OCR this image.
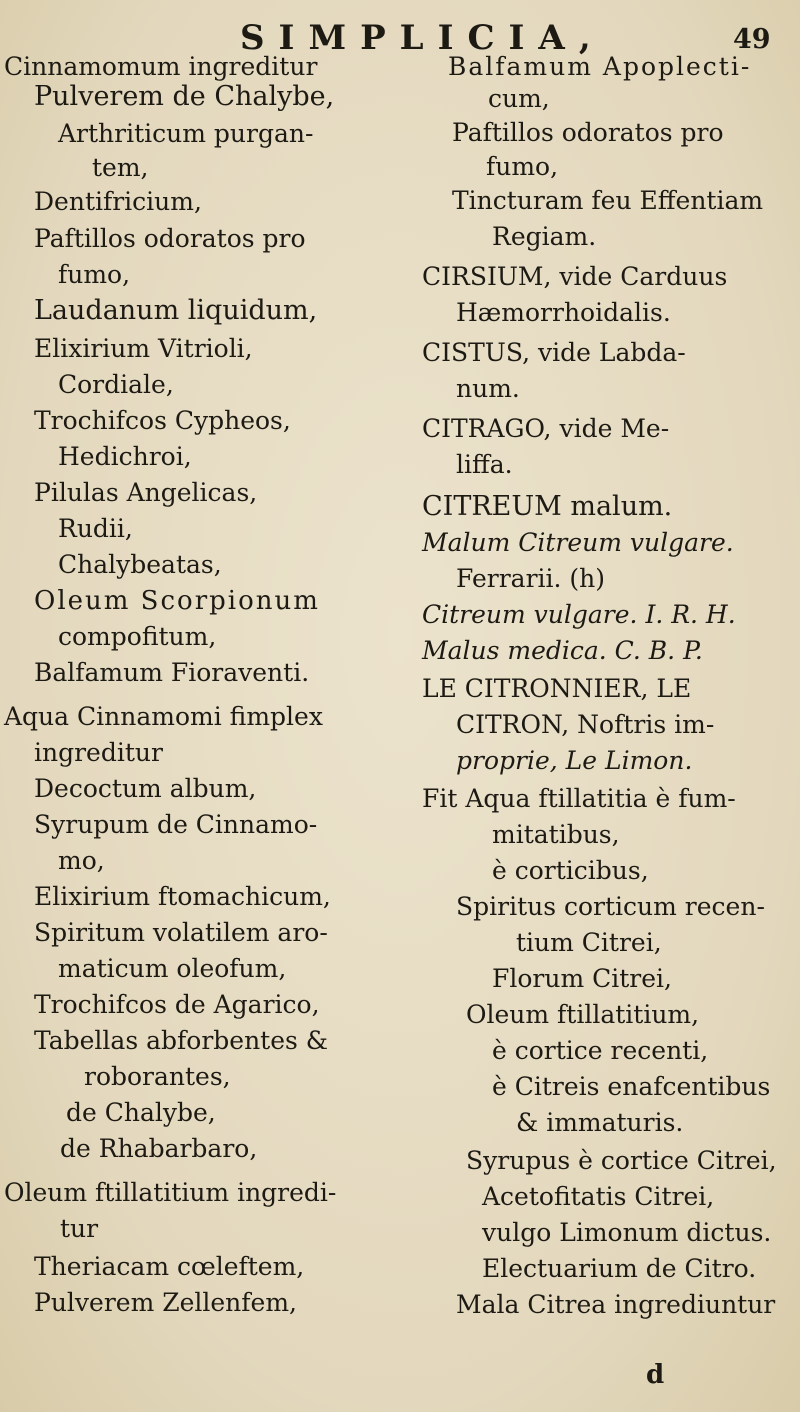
SIMPLICIA,	49
Cinnamomum ingreditur
Pulverem de Chalybe,
Arthriticum purgan-
tem,
Dentifricium,
Paftillos odoratos pro
fumo,
Laudanum liquidum,
Elixirium Vitrioli,
Cordiale,
Trochifcos Cypheos,
Hedichroi,
Pilulas Angelicas,
Rudii,
Chalybeatas,
Oleum Scorpionum
compofitum,
Balfamum Fioraventi.
Aqua Cinnamomi fimplex
ingreditur
Decoctum album,
Syrupum de Cinnamo-
mo,
Elixirium ftomachicum,
Spiritum volatilem aro-
maticum oleofum,
Trochifcos de Agarico,
Tabellas abforbentes &
roborantes,
de Chalybe,
de Rhabarbaro,
Oleum ftillatitium ingredi-
tur
Theriacam cœleftem,
Pulverem Zellenfem,
Balfamum Apoplecti-
cum,
Paftillos odoratos pro
fumo,
Tincturam feu Effentiam
Regiam.
CIRSIUM, vide Carduus
Hæmorrhoidalis.
CISTUS, vide Labda-
num.
CITRAGO, vide Me-
liffa.
CITREUM malum.
Malum Citreum vulgare.
Ferrarii. (h)
Citreum vulgare. I. R. H.
Malus medica. C. B. P.
LE CITRONNIER, LE
CITRON, Noftris im-
proprie, Le Limon.
Fit Aqua ftillatitia è fum-
mitatibus,
è corticibus,
Spiritus corticum recen-
tium Citrei,
Florum Citrei,
Oleum ftillatitium,
è cortice recenti,
è Citreis enafcentibus
& immaturis.
Syrupus è cortice Citrei,
Acetofitatis Citrei,
vulgo Limonum dictus.
Electuarium de Citro.
Mala Citrea ingrediuntur
d
